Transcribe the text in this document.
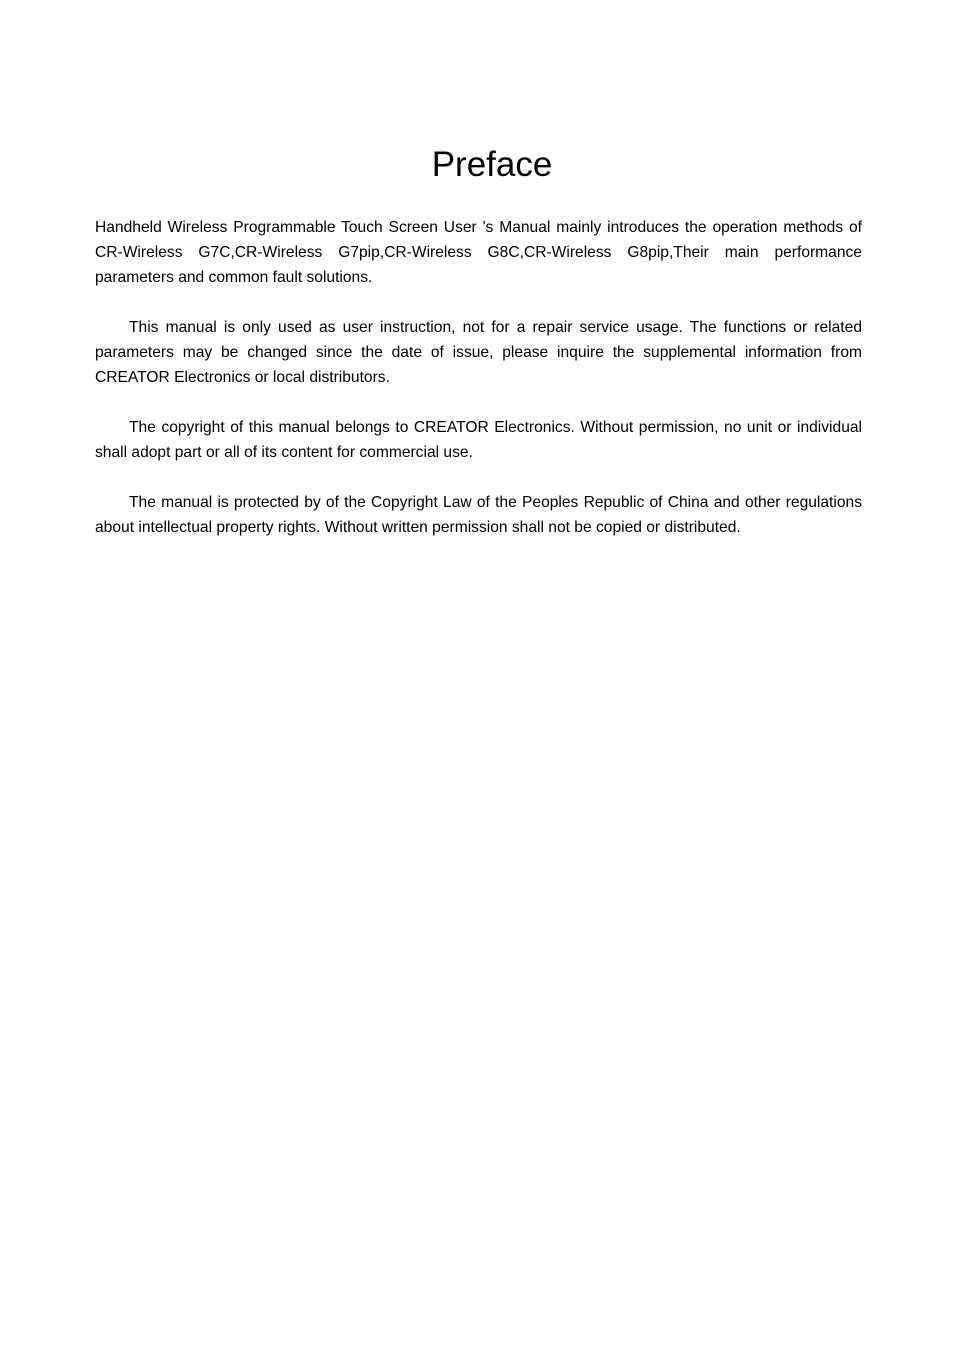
Preface

Handheld Wireless Programmable Touch Screen User 's Manual mainly introduces the operation methods of CR-Wireless G7C,CR-Wireless G7pip,CR-Wireless G8C,CR-Wireless G8pip,Their main performance parameters and common fault solutions.

This manual is only used as user instruction, not for a repair service usage. The functions or related parameters may be changed since the date of issue, please inquire the supplemental information from CREATOR Electronics or local distributors.

The copyright of this manual belongs to CREATOR Electronics. Without permission, no unit or individual shall adopt part or all of its content for commercial use.

The manual is protected by of the Copyright Law of the Peoples Republic of China and other regulations about intellectual property rights. Without written permission shall not be copied or distributed.
